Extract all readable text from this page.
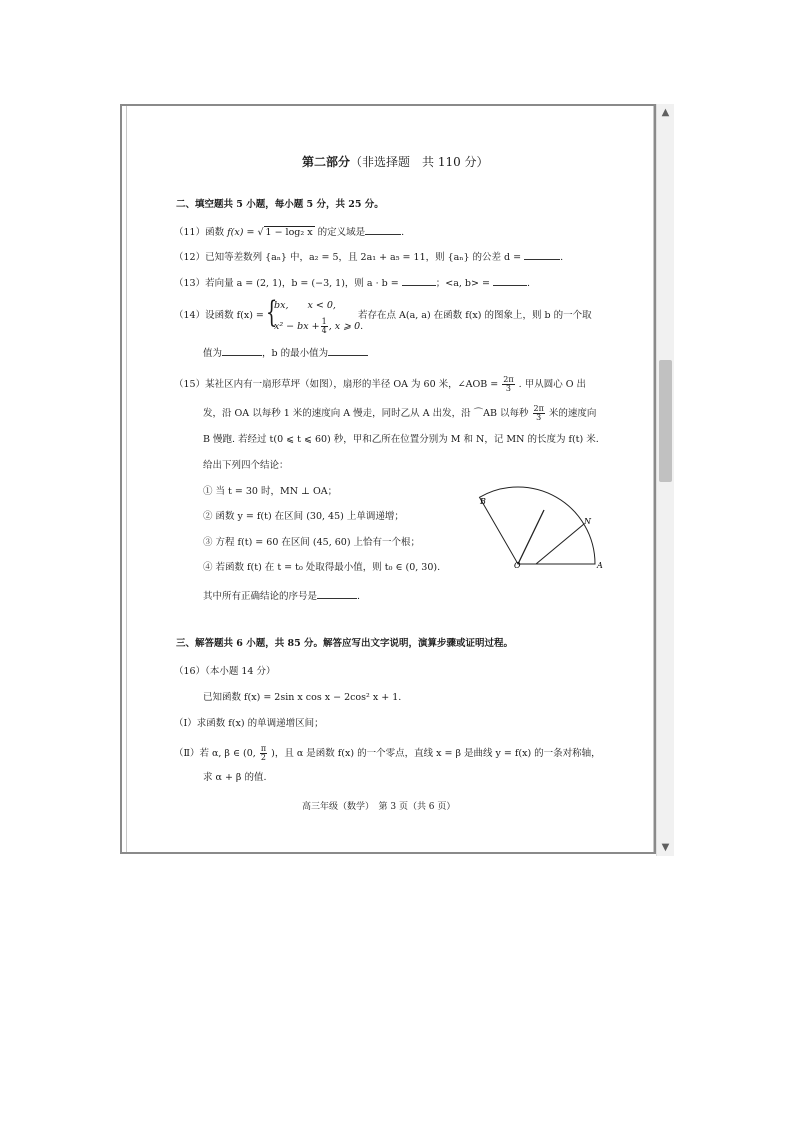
▲
▼
第二部分（非选择题　共 110 分）
二、填空题共 5 小题，每小题 5 分，共 25 分。
（11）函数 f(x) = √ 1 − log₂ x 的定义域是	.
（12）已知等差数列 {aₙ} 中，a₂ = 5，且 2a₁ + a₅ = 11，则 {aₙ} 的公差 d =	.
（13）若向量 a = (2, 1)，b = (−3, 1)，则 a · b =	；<a, b> =	.
（14）设函数 f(x) = {
bx,　　x < 0,
x² − bx + $\frac{1}{4}$ , x ⩾ 0.
若存在点 A(a, a) 在函数 f(x) 的图象上，则 b 的一个取
值为	，b 的最小值为
（15）某社区内有一扇形草坪（如图），扇形的半径 OA 为 60 米，∠AOB = $\frac{2\pi}{3}$ . 甲从圆心 O 出
发，沿 OA 以每秒 1 米的速度向 A 慢走，同时乙从 A 出发，沿 ⌒AB 以每秒 $\frac{2\pi}{3}$ 米的速度向
B 慢跑. 若经过 t(0 ⩽ t ⩽ 60) 秒，甲和乙所在位置分别为 M 和 N，记 MN 的长度为 f(t) 米.
给出下列四个结论：
① 当 t = 30 时，MN ⊥ OA；
② 函数 y = f(t) 在区间 (30, 45) 上单调递增；
③ 方程 f(t) = 60 在区间 (45, 60) 上恰有一个根；
④ 若函数 f(t) 在 t = t₀ 处取得最小值，则 t₀ ∈ (0, 30).
其中所有正确结论的序号是	.
B
N
O	A
三、解答题共 6 小题，共 85 分。解答应写出文字说明，演算步骤或证明过程。
（16）（本小题 14 分）
已知函数 f(x) = 2sin x cos x − 2cos² x + 1.
（Ⅰ）求函数 f(x) 的单调递增区间；
（Ⅱ）若 α, β ∈ (0, $\frac{\pi}{2}$ )，且 α 是函数 f(x) 的一个零点，直线 x = β 是曲线 y = f(x) 的一条对称轴，
求 α + β 的值.
高三年级（数学）　第 3 页（共 6 页）
